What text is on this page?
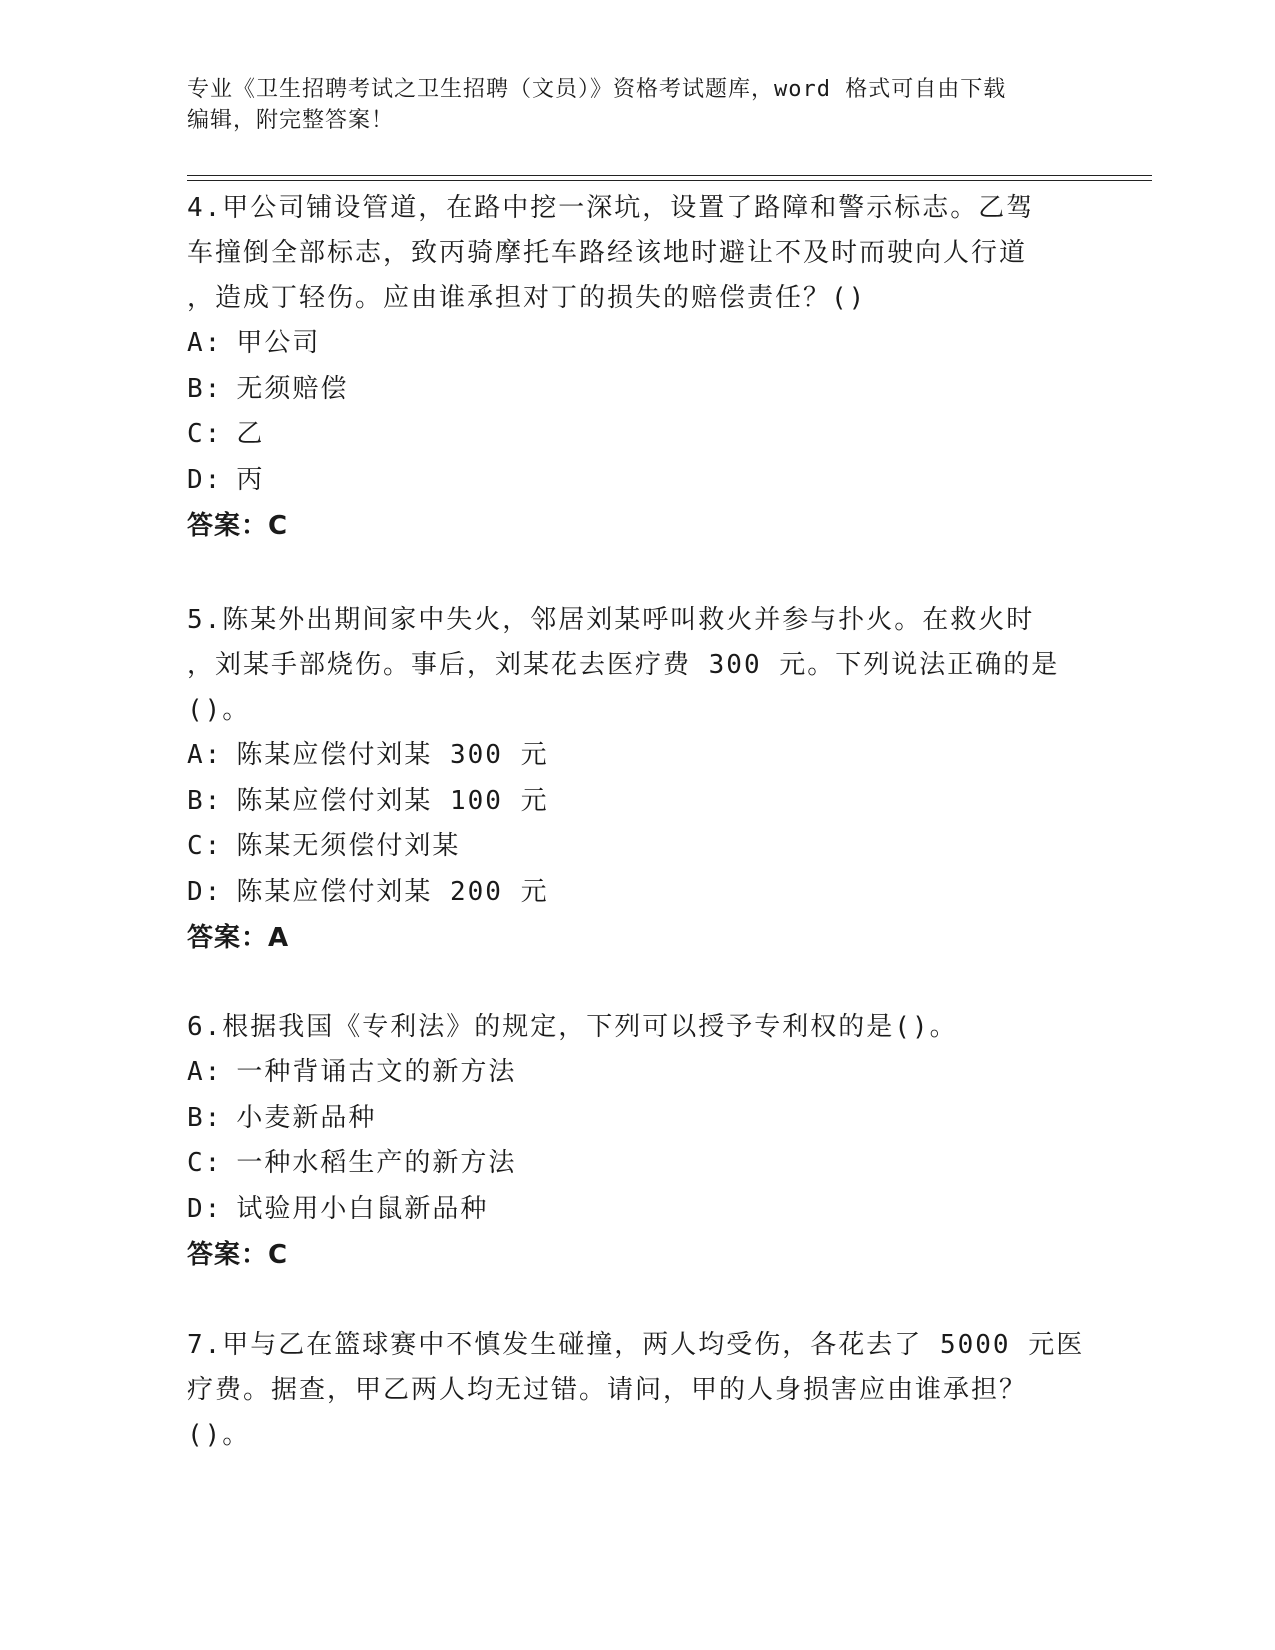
专业《卫生招聘考试之卫生招聘（文员）》资格考试题库，word 格式可自由下载

编辑，附完整答案！

4.甲公司铺设管道，在路中挖一深坑，设置了路障和警示标志。乙驾
车撞倒全部标志，致丙骑摩托车路经该地时避让不及时而驶向人行道
，造成丁轻伤。应由谁承担对丁的损失的赔偿责任？()

A: 甲公司

B: 无须赔偿

C: 乙

D: 丙

答案：C

5.陈某外出期间家中失火，邻居刘某呼叫救火并参与扑火。在救火时
，刘某手部烧伤。事后，刘某花去医疗费 300 元。下列说法正确的是
()。

A: 陈某应偿付刘某 300 元

B: 陈某应偿付刘某 100 元

C: 陈某无须偿付刘某

D: 陈某应偿付刘某 200 元

答案：A

6.根据我国《专利法》的规定，下列可以授予专利权的是()。

A: 一种背诵古文的新方法

B: 小麦新品种

C: 一种水稻生产的新方法

D: 试验用小白鼠新品种

答案：C

7.甲与乙在篮球赛中不慎发生碰撞，两人均受伤，各花去了 5000 元医
疗费。据查，甲乙两人均无过错。请问，甲的人身损害应由谁承担？
()。
